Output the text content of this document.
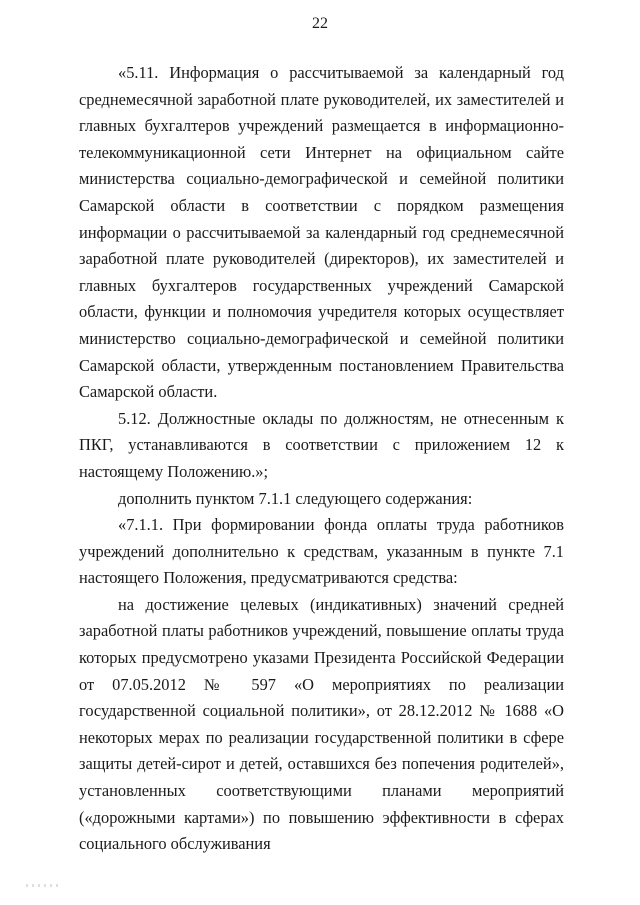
22

«5.11. Информация о рассчитываемой за календарный год среднемесячной заработной плате руководителей, их заместителей и главных бухгалтеров учреждений размещается в информационно-телекоммуникационной сети Интернет на официальном сайте министерства социально-демографической и семейной политики Самарской области в соответствии с порядком размещения информации о рассчитываемой за календарный год среднемесячной заработной плате руководителей (директоров), их заместителей и главных бухгалтеров государственных учреждений Самарской области, функции и полномочия учредителя которых осуществляет министерство социально-демографической и семейной политики Самарской области, утвержденным постановлением Правительства Самарской области.

5.12. Должностные оклады по должностям, не отнесенным к ПКГ, устанавливаются в соответствии с приложением 12 к настоящему Положению.»;

дополнить пунктом 7.1.1 следующего содержания:

«7.1.1. При формировании фонда оплаты труда работников учреждений дополнительно к средствам, указанным в пункте 7.1 настоящего Положения, предусматриваются средства:

на достижение целевых (индикативных) значений средней заработной платы работников учреждений, повышение оплаты труда которых предусмотрено указами Президента Российской Федерации от 07.05.2012 № 597 «О мероприятиях по реализации государственной социальной политики», от 28.12.2012 № 1688 «О некоторых мерах по реализации государственной политики в сфере защиты детей-сирот и детей, оставшихся без попечения родителей», установленных соответствующими планами мероприятий («дорожными картами») по повышению эффективности в сферах социального обслуживания
